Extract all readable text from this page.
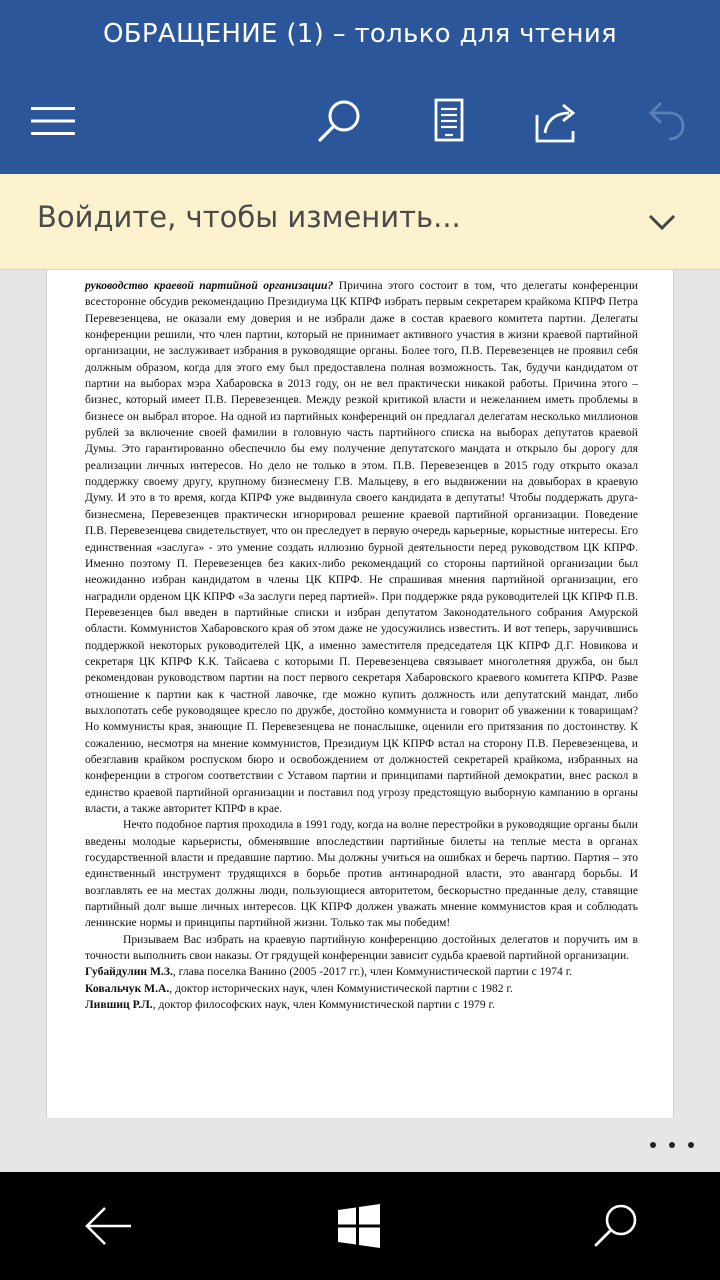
ОБРАЩЕНИЕ (1) – только для чтения
Войдите, чтобы изменить...

руководство краевой партийной организации? Причина этого состоит в том, что делегаты конференции всесторонне обсудив рекомендацию Президиума ЦК КПРФ избрать первым секретарем крайкома КПРФ Петра Перевезенцева, не оказали ему доверия и не избрали даже в состав краевого комитета партии. Делегаты конференции решили, что член партии, который не принимает активного участия в жизни краевой партийной организации, не заслуживает избрания в руководящие органы. Более того, П.В. Перевезенцев не проявил себя должным образом, когда для этого ему был предоставлена полная возможность. Так, будучи кандидатом от партии на выборах мэра Хабаровска в 2013 году, он не вел практически никакой работы. Причина этого – бизнес, который имеет П.В. Перевезенцев. Между резкой критикой власти и нежеланием иметь проблемы в бизнесе он выбрал второе. На одной из партийных конференций он предлагал делегатам несколько миллионов рублей за включение своей фамилии в головную часть партийного списка на выборах депутатов краевой Думы. Это гарантированно обеспечило бы ему получение депутатского мандата и открыло бы дорогу для реализации личных интересов. Но дело не только в этом. П.В. Перевезенцев в 2015 году открыто оказал поддержку своему другу, крупному бизнесмену Г.В. Мальцеву, в его выдвижении на довыборах в краевую Думу. И это в то время, когда КПРФ уже выдвинула своего кандидата в депутаты! Чтобы поддержать друга-бизнесмена, Перевезенцев практически игнорировал решение краевой партийной организации. Поведение П.В. Перевезенцева свидетельствует, что он преследует в первую очередь карьерные, корыстные интересы. Его единственная «заслуга» - это умение создать иллюзию бурной деятельности перед руководством ЦК КПРФ. Именно поэтому П. Перевезенцев без каких-либо рекомендаций со стороны партийной организации был неожиданно избран кандидатом в члены ЦК КПРФ. Не спрашивая мнения партийной организации, его наградили орденом ЦК КПРФ «За заслуги перед партией». При поддержке ряда руководителей ЦК КПРФ П.В. Перевезенцев был введен в партийные списки и избран депутатом Законодательного собрания Амурской области. Коммунистов Хабаровского края об этом даже не удосужились известить. И вот теперь, заручившись поддержкой некоторых руководителей ЦК, а именно заместителя председателя ЦК КПРФ Д.Г. Новикова и секретаря ЦК КПРФ К.К. Тайсаева с которыми П. Перевезенцева связывает многолетняя дружба, он был рекомендован руководством партии на пост первого секретаря Хабаровского краевого комитета КПРФ. Разве отношение к партии как к частной лавочке, где можно купить должность или депутатский мандат, либо выхлопотать себе руководящее кресло по дружбе, достойно коммуниста и говорит об уважении к товарищам? Но коммунисты края, знающие П. Перевезенцева не понаслышке, оценили его притязания по достоинству. К сожалению, несмотря на мнение коммунистов, Президиум ЦК КПРФ встал на сторону П.В. Перевезенцева, и обезглавив крайком роспуском бюро и освобождением от должностей секретарей крайкома, избранных на конференции в строгом соответствии с Уставом партии и принципами партийной демократии, внес раскол в единство краевой партийной организации и поставил под угрозу предстоящую выборную кампанию в органы власти, а также авторитет КПРФ в крае.

Нечто подобное партия проходила в 1991 году, когда на волне перестройки в руководящие органы были введены молодые карьеристы, обменявшие впоследствии партийные билеты на теплые места в органах государственной власти и предавшие партию. Мы должны учиться на ошибках и беречь партию. Партия – это единственный инструмент трудящихся в борьбе против антинародной власти, это авангард борьбы. И возглавлять ее на местах должны люди, пользующиеся авторитетом, бескорыстно преданные делу, ставящие партийный долг выше личных интересов. ЦК КПРФ должен уважать мнение коммунистов края и соблюдать ленинские нормы и принципы партийной жизни. Только так мы победим!

Призываем Вас избрать на краевую партийную конференцию достойных делегатов и поручить им в точности выполнить свои наказы. От грядущей конференции зависит судьба краевой партийной организации.

Губайдулин М.З., глава поселка Ванино (2005 -2017 гг.), член Коммунистической партии с 1974 г.

Ковальчук М.А., доктор исторических наук, член Коммунистической партии с 1982 г.

Лившиц Р.Л., доктор философских наук, член Коммунистической партии с 1979 г.
